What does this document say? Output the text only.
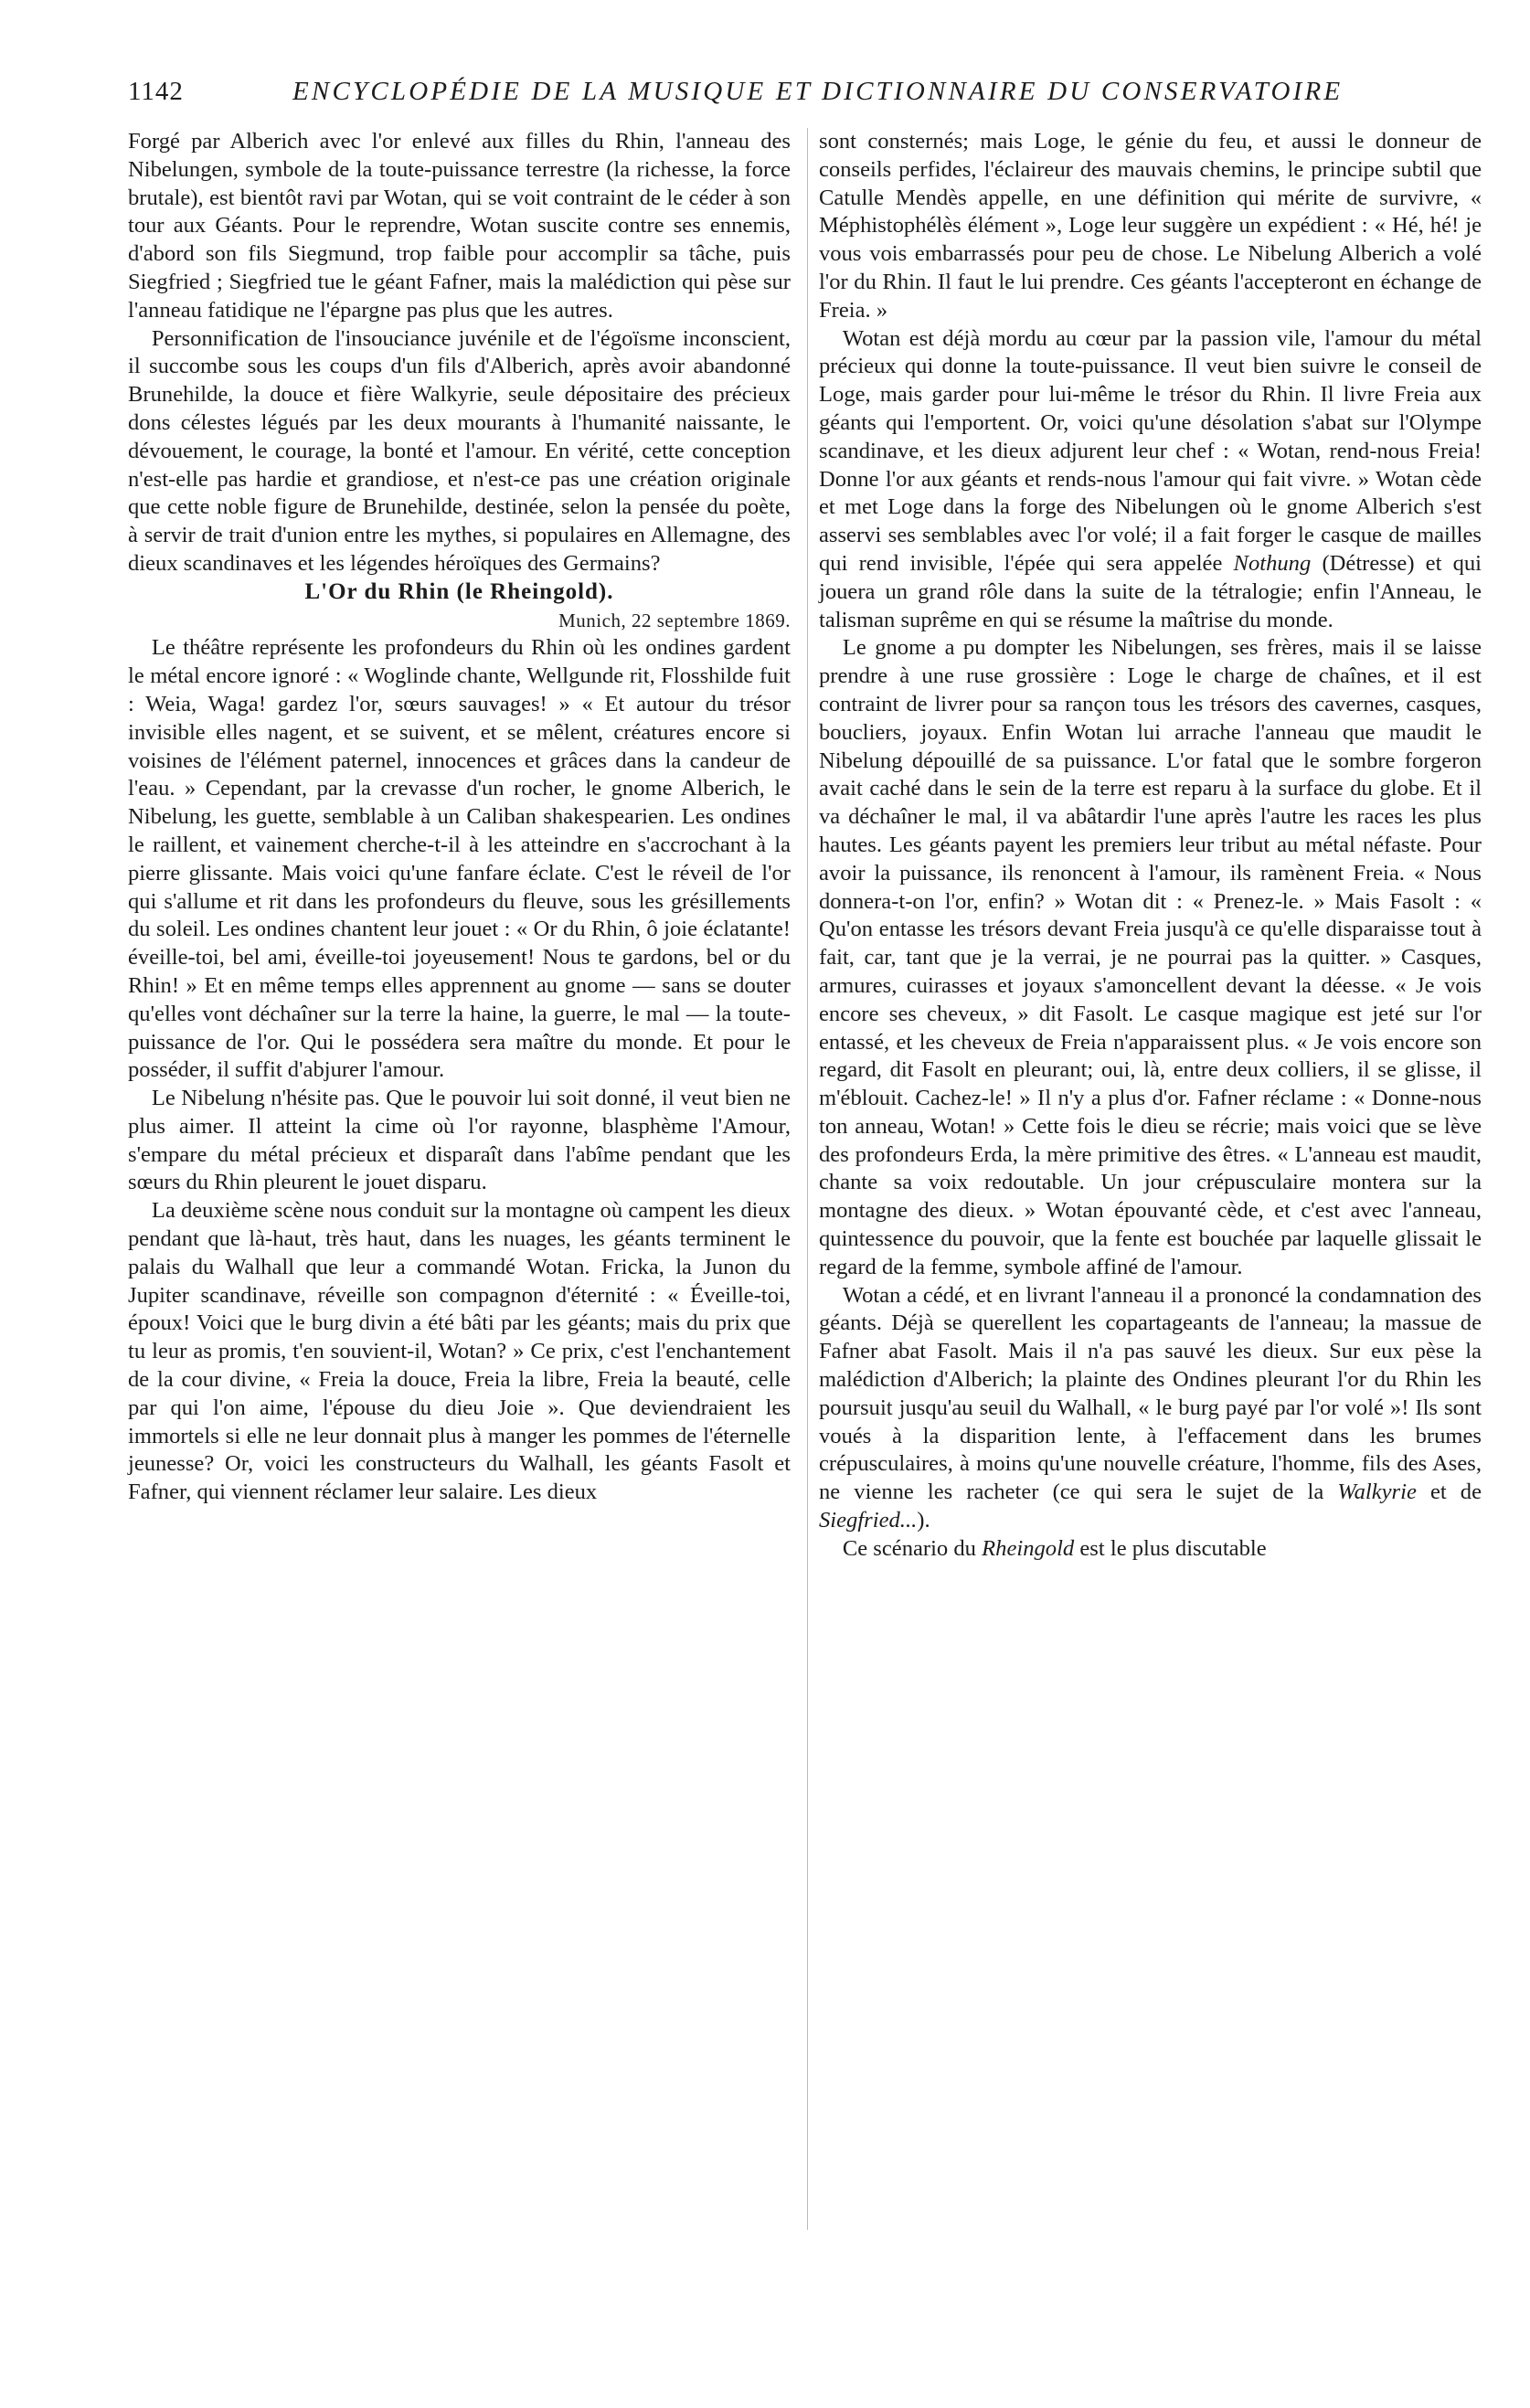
1142	ENCYCLOPÉDIE DE LA MUSIQUE ET DICTIONNAIRE DU CONSERVATOIRE

Forgé par Alberich avec l'or enlevé aux filles du Rhin, l'anneau des Nibelungen, symbole de la toute-puissance terrestre (la richesse, la force brutale), est bientôt ravi par Wotan, qui se voit contraint de le céder à son tour aux Géants. Pour le reprendre, Wotan suscite contre ses ennemis, d'abord son fils Siegmund, trop faible pour accomplir sa tâche, puis Siegfried ; Siegfried tue le géant Fafner, mais la malédiction qui pèse sur l'anneau fatidique ne l'épargne pas plus que les autres.

Personnification de l'insouciance juvénile et de l'égoïsme inconscient, il succombe sous les coups d'un fils d'Alberich, après avoir abandonné Brunehilde, la douce et fière Walkyrie, seule dépositaire des précieux dons célestes légués par les deux mourants à l'humanité naissante, le dévouement, le courage, la bonté et l'amour. En vérité, cette conception n'est-elle pas hardie et grandiose, et n'est-ce pas une création originale que cette noble figure de Brunehilde, destinée, selon la pensée du poète, à servir de trait d'union entre les mythes, si populaires en Allemagne, des dieux scandinaves et les légendes héroïques des Germains?

L'Or du Rhin (le Rheingold).

Munich, 22 septembre 1869.

Le théâtre représente les profondeurs du Rhin où les ondines gardent le métal encore ignoré : « Woglinde chante, Wellgunde rit, Flosshilde fuit : Weia, Waga! gardez l'or, sœurs sauvages! » « Et autour du trésor invisible elles nagent, et se suivent, et se mêlent, créatures encore si voisines de l'élément paternel, innocences et grâces dans la candeur de l'eau. » Cependant, par la crevasse d'un rocher, le gnome Alberich, le Nibelung, les guette, semblable à un Caliban shakespearien. Les ondines le raillent, et vainement cherche-t-il à les atteindre en s'accrochant à la pierre glissante. Mais voici qu'une fanfare éclate. C'est le réveil de l'or qui s'allume et rit dans les profondeurs du fleuve, sous les grésillements du soleil. Les ondines chantent leur jouet : « Or du Rhin, ô joie éclatante! éveille-toi, bel ami, éveille-toi joyeusement! Nous te gardons, bel or du Rhin! » Et en même temps elles apprennent au gnome — sans se douter qu'elles vont déchaîner sur la terre la haine, la guerre, le mal — la toute-puissance de l'or. Qui le possédera sera maître du monde. Et pour le posséder, il suffit d'abjurer l'amour.

Le Nibelung n'hésite pas. Que le pouvoir lui soit donné, il veut bien ne plus aimer. Il atteint la cime où l'or rayonne, blasphème l'Amour, s'empare du métal précieux et disparaît dans l'abîme pendant que les sœurs du Rhin pleurent le jouet disparu.

La deuxième scène nous conduit sur la montagne où campent les dieux pendant que là-haut, très haut, dans les nuages, les géants terminent le palais du Walhall que leur a commandé Wotan. Fricka, la Junon du Jupiter scandinave, réveille son compagnon d'éternité : « Éveille-toi, époux! Voici que le burg divin a été bâti par les géants; mais du prix que tu leur as promis, t'en souvient-il, Wotan? » Ce prix, c'est l'enchantement de la cour divine, « Freia la douce, Freia la libre, Freia la beauté, celle par qui l'on aime, l'épouse du dieu Joie ». Que deviendraient les immortels si elle ne leur donnait plus à manger les pommes de l'éternelle jeunesse? Or, voici les constructeurs du Walhall, les géants Fasolt et Fafner, qui viennent réclamer leur salaire. Les dieux

sont consternés; mais Loge, le génie du feu, et aussi le donneur de conseils perfides, l'éclaireur des mauvais chemins, le principe subtil que Catulle Mendès appelle, en une définition qui mérite de survivre, « Méphistophélès élément », Loge leur suggère un expédient : « Hé, hé! je vous vois embarrassés pour peu de chose. Le Nibelung Alberich a volé l'or du Rhin. Il faut le lui prendre. Ces géants l'accepteront en échange de Freia. »

Wotan est déjà mordu au cœur par la passion vile, l'amour du métal précieux qui donne la toute-puissance. Il veut bien suivre le conseil de Loge, mais garder pour lui-même le trésor du Rhin. Il livre Freia aux géants qui l'emportent. Or, voici qu'une désolation s'abat sur l'Olympe scandinave, et les dieux adjurent leur chef : « Wotan, rend-nous Freia! Donne l'or aux géants et rends-nous l'amour qui fait vivre. » Wotan cède et met Loge dans la forge des Nibelungen où le gnome Alberich s'est asservi ses semblables avec l'or volé; il a fait forger le casque de mailles qui rend invisible, l'épée qui sera appelée Nothung (Détresse) et qui jouera un grand rôle dans la suite de la tétralogie; enfin l'Anneau, le talisman suprême en qui se résume la maîtrise du monde.

Le gnome a pu dompter les Nibelungen, ses frères, mais il se laisse prendre à une ruse grossière : Loge le charge de chaînes, et il est contraint de livrer pour sa rançon tous les trésors des cavernes, casques, boucliers, joyaux. Enfin Wotan lui arrache l'anneau que maudit le Nibelung dépouillé de sa puissance. L'or fatal que le sombre forgeron avait caché dans le sein de la terre est reparu à la surface du globe. Et il va déchaîner le mal, il va abâtardir l'une après l'autre les races les plus hautes. Les géants payent les premiers leur tribut au métal néfaste. Pour avoir la puissance, ils renoncent à l'amour, ils ramènent Freia. « Nous donnera-t-on l'or, enfin? » Wotan dit : « Prenez-le. » Mais Fasolt : « Qu'on entasse les trésors devant Freia jusqu'à ce qu'elle disparaisse tout à fait, car, tant que je la verrai, je ne pourrai pas la quitter. » Casques, armures, cuirasses et joyaux s'amoncellent devant la déesse. « Je vois encore ses cheveux, » dit Fasolt. Le casque magique est jeté sur l'or entassé, et les cheveux de Freia n'apparaissent plus. « Je vois encore son regard, dit Fasolt en pleurant; oui, là, entre deux colliers, il se glisse, il m'éblouit. Cachez-le! » Il n'y a plus d'or. Fafner réclame : « Donne-nous ton anneau, Wotan! » Cette fois le dieu se récrie; mais voici que se lève des profondeurs Erda, la mère primitive des êtres. « L'anneau est maudit, chante sa voix redoutable. Un jour crépusculaire montera sur la montagne des dieux. » Wotan épouvanté cède, et c'est avec l'anneau, quintessence du pouvoir, que la fente est bouchée par laquelle glissait le regard de la femme, symbole affiné de l'amour.

Wotan a cédé, et en livrant l'anneau il a prononcé la condamnation des géants. Déjà se querellent les copartageants de l'anneau; la massue de Fafner abat Fasolt. Mais il n'a pas sauvé les dieux. Sur eux pèse la malédiction d'Alberich; la plainte des Ondines pleurant l'or du Rhin les poursuit jusqu'au seuil du Walhall, « le burg payé par l'or volé »! Ils sont voués à la disparition lente, à l'effacement dans les brumes crépusculaires, à moins qu'une nouvelle créature, l'homme, fils des Ases, ne vienne les racheter (ce qui sera le sujet de la Walkyrie et de Siegfried...).

Ce scénario du Rheingold est le plus discutable
